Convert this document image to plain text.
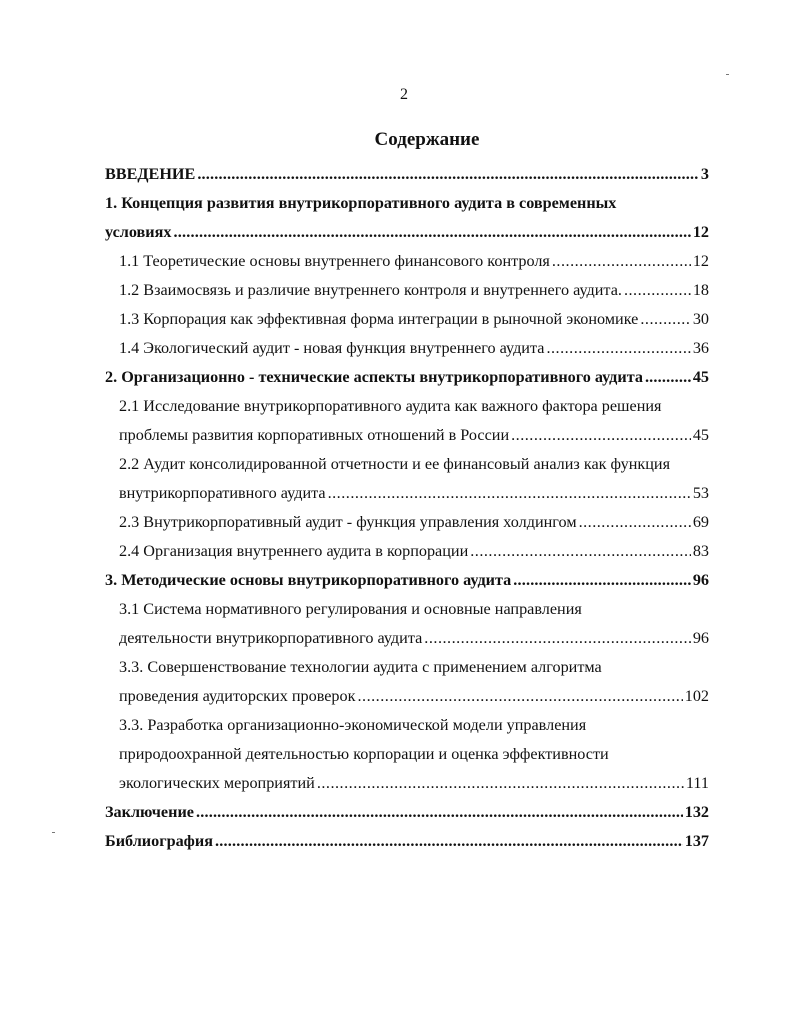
2
Содержание
ВВЕДЕНИЕ .....	3
1. Концепция развития внутрикорпоративного аудита в современных
условиях .....	12
1.1 Теоретические основы внутреннего финансового контроля .....	12
1.2 Взаимосвязь и различие внутреннего контроля и внутреннего аудита. .....	18
1.3 Корпорация как эффективная форма интеграции в рыночной экономике .....	30
1.4 Экологический аудит - новая функция внутреннего аудита .....	36
2. Организационно - технические аспекты внутрикорпоративного аудита .....	45
2.1 Исследование внутрикорпоративного аудита как важного фактора решения
проблемы развития корпоративных отношений в России .....	45
2.2 Аудит консолидированной отчетности и ее финансовый анализ как функция
внутрикорпоративного аудита .....	53
2.3 Внутрикорпоративный аудит - функция управления холдингом .....	69
2.4 Организация внутреннего аудита в корпорации .....	83
3. Методические основы внутрикорпоративного аудита .....	96
3.1 Система нормативного регулирования и основные направления
деятельности внутрикорпоративного аудита .....	96
3.3. Совершенствование технологии аудита с применением алгоритма
проведения аудиторских проверок .....	102
3.3. Разработка организационно-экономической модели управления
природоохранной деятельностью корпорации и оценка эффективности
экологических мероприятий .....	111
Заключение .....	132
Библиография .....	137
